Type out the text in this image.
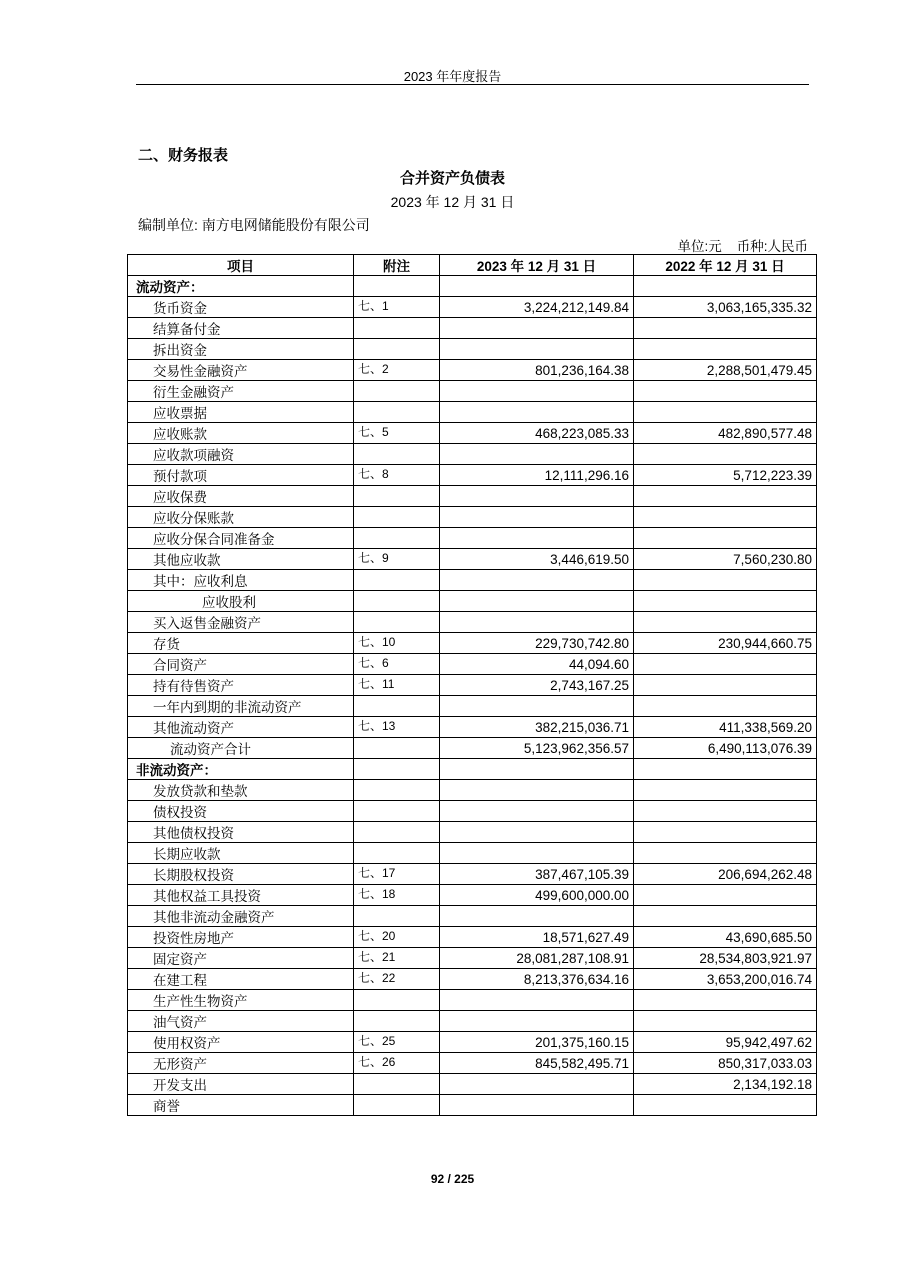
2023 年年度报告
二、财务报表
合并资产负债表
2023 年 12 月 31 日
编制单位: 南方电网储能股份有限公司
单位:元    币种:人民币
项目	附注	2023 年 12 月 31 日	2022 年 12 月 31 日
流动资产：			
货币资金	七、1	3,224,212,149.84	3,063,165,335.32
结算备付金			
拆出资金			
交易性金融资产	七、2	801,236,164.38	2,288,501,479.45
衍生金融资产			
应收票据			
应收账款	七、5	468,223,085.33	482,890,577.48
应收款项融资			
预付款项	七、8	12,111,296.16	5,712,223.39
应收保费			
应收分保账款			
应收分保合同准备金			
其他应收款	七、9	3,446,619.50	7,560,230.80
其中：应收利息			
应收股利			
买入返售金融资产			
存货	七、10	229,730,742.80	230,944,660.75
合同资产	七、6	44,094.60	
持有待售资产	七、11	2,743,167.25	
一年内到期的非流动资产			
其他流动资产	七、13	382,215,036.71	411,338,569.20
流动资产合计		5,123,962,356.57	6,490,113,076.39
非流动资产：			
发放贷款和垫款			
债权投资			
其他债权投资			
长期应收款			
长期股权投资	七、17	387,467,105.39	206,694,262.48
其他权益工具投资	七、18	499,600,000.00	
其他非流动金融资产			
投资性房地产	七、20	18,571,627.49	43,690,685.50
固定资产	七、21	28,081,287,108.91	28,534,803,921.97
在建工程	七、22	8,213,376,634.16	3,653,200,016.74
生产性生物资产			
油气资产			
使用权资产	七、25	201,375,160.15	95,942,497.62
无形资产	七、26	845,582,495.71	850,317,033.03
开发支出			2,134,192.18
商誉			
92 / 225
